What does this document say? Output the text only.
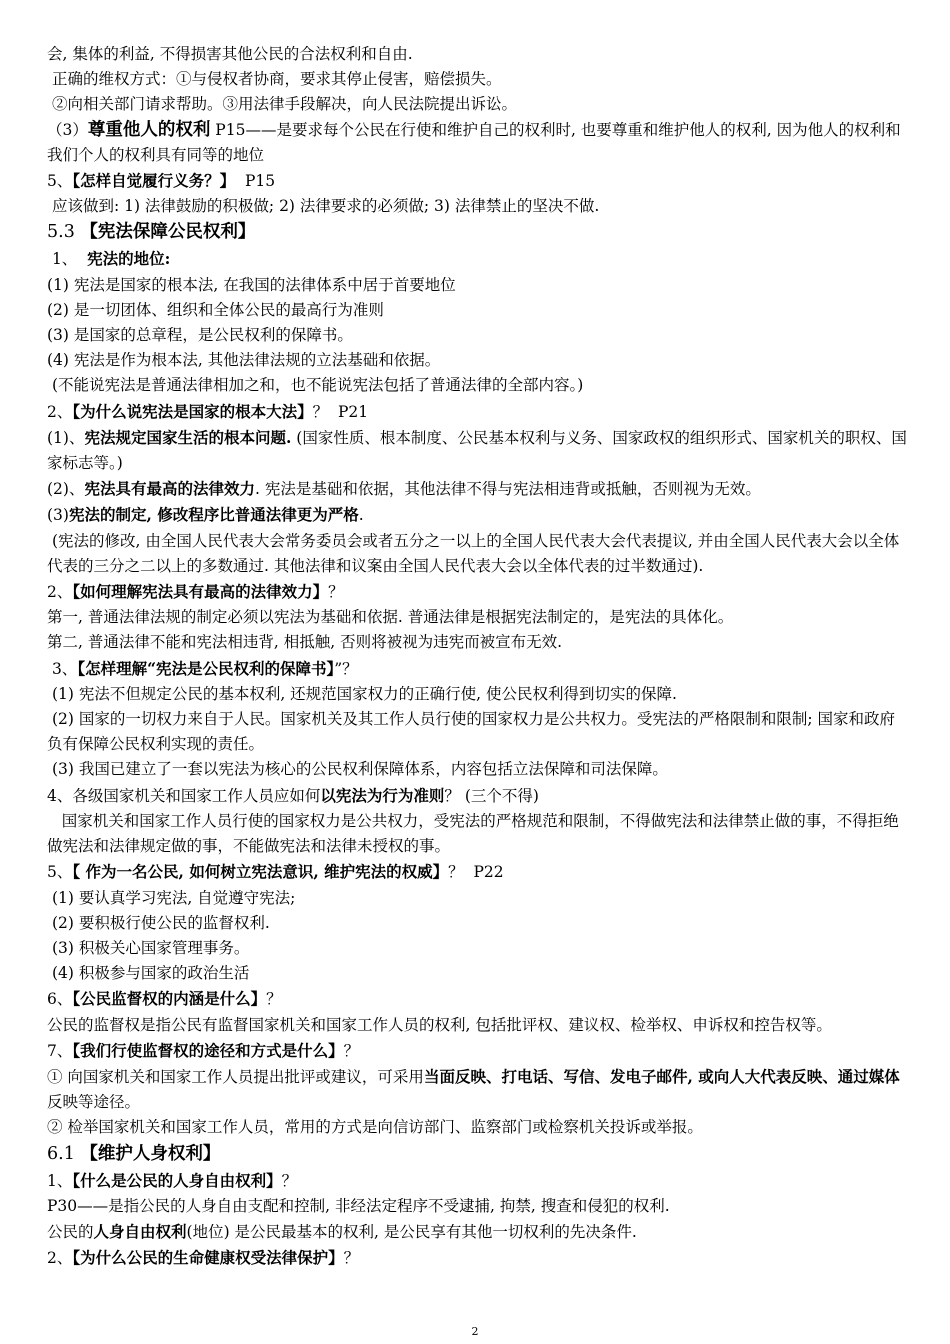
会, 集体的利益, 不得损害其他公民的合法权利和自由.
正确的维权方式：①与侵权者协商，要求其停止侵害，赔偿损失。
②向相关部门请求帮助。③用法律手段解决，向人民法院提出诉讼。
（3）尊重他人的权利 P15——是要求每个公民在行使和维护自己的权利时, 也要尊重和维护他人的权利, 因为他人的权利和我们个人的权利具有同等的地位
5、【怎样自觉履行义务？】  P15
应该做到: 1) 法律鼓励的积极做; 2) 法律要求的必须做; 3) 法律禁止的坚决不做.
5.3 【宪法保障公民权利】
1、  宪法的地位:
(1) 宪法是国家的根本法, 在我国的法律体系中居于首要地位
(2) 是一切团体、组织和全体公民的最高行为准则
(3) 是国家的总章程，是公民权利的保障书。
(4) 宪法是作为根本法, 其他法律法规的立法基础和依据。
(不能说宪法是普通法律相加之和，也不能说宪法包括了普通法律的全部内容。)
2、【为什么说宪法是国家的根本大法】？  P21
(1)、宪法规定国家生活的根本问题. (国家性质、根本制度、公民基本权利与义务、国家政权的组织形式、国家机关的职权、国家标志等。)
(2)、宪法具有最高的法律效力. 宪法是基础和依据，其他法律不得与宪法相违背或抵触，否则视为无效。
(3)宪法的制定, 修改程序比普通法律更为严格.
(宪法的修改, 由全国人民代表大会常务委员会或者五分之一以上的全国人民代表大会代表提议, 并由全国人民代表大会以全体代表的三分之二以上的多数通过. 其他法律和议案由全国人民代表大会以全体代表的过半数通过).
2、【如何理解宪法具有最高的法律效力】？
第一, 普通法律法规的制定必须以宪法为基础和依据. 普通法律是根据宪法制定的，是宪法的具体化。
第二, 普通法律不能和宪法相违背, 相抵触, 否则将被视为违宪而被宣布无效.
3、【怎样理解“宪法是公民权利的保障书】”？
(1) 宪法不但规定公民的基本权利, 还规范国家权力的正确行使, 使公民权利得到切实的保障.
(2) 国家的一切权力来自于人民。国家机关及其工作人员行使的国家权力是公共权力。受宪法的严格限制和限制; 国家和政府负有保障公民权利实现的责任。
(3) 我国已建立了一套以宪法为核心的公民权利保障体系，内容包括立法保障和司法保障。
4、各级国家机关和国家工作人员应如何以宪法为行为准则？ (三个不得)
国家机关和国家工作人员行使的国家权力是公共权力，受宪法的严格规范和限制，不得做宪法和法律禁止做的事，不得拒绝做宪法和法律规定做的事，不能做宪法和法律未授权的事。
5、【 作为一名公民, 如何树立宪法意识, 维护宪法的权威】？  P22
(1) 要认真学习宪法, 自觉遵守宪法;
(2) 要积极行使公民的监督权利.
(3) 积极关心国家管理事务。
(4) 积极参与国家的政治生活
6、【公民监督权的内涵是什么】？
公民的监督权是指公民有监督国家机关和国家工作人员的权利, 包括批评权、建议权、检举权、申诉权和控告权等。
7、【我们行使监督权的途径和方式是什么】？
① 向国家机关和国家工作人员提出批评或建议，可采用当面反映、打电话、写信、发电子邮件, 或向人大代表反映、通过媒体反映等途径。
② 检举国家机关和国家工作人员，常用的方式是向信访部门、监察部门或检察机关投诉或举报。
6.1 【维护人身权利】
1、【什么是公民的人身自由权利】？
P30——是指公民的人身自由支配和控制, 非经法定程序不受逮捕, 拘禁, 搜查和侵犯的权利.
公民的人身自由权利(地位) 是公民最基本的权利, 是公民享有其他一切权利的先决条件.
2、【为什么公民的生命健康权受法律保护】？
2
